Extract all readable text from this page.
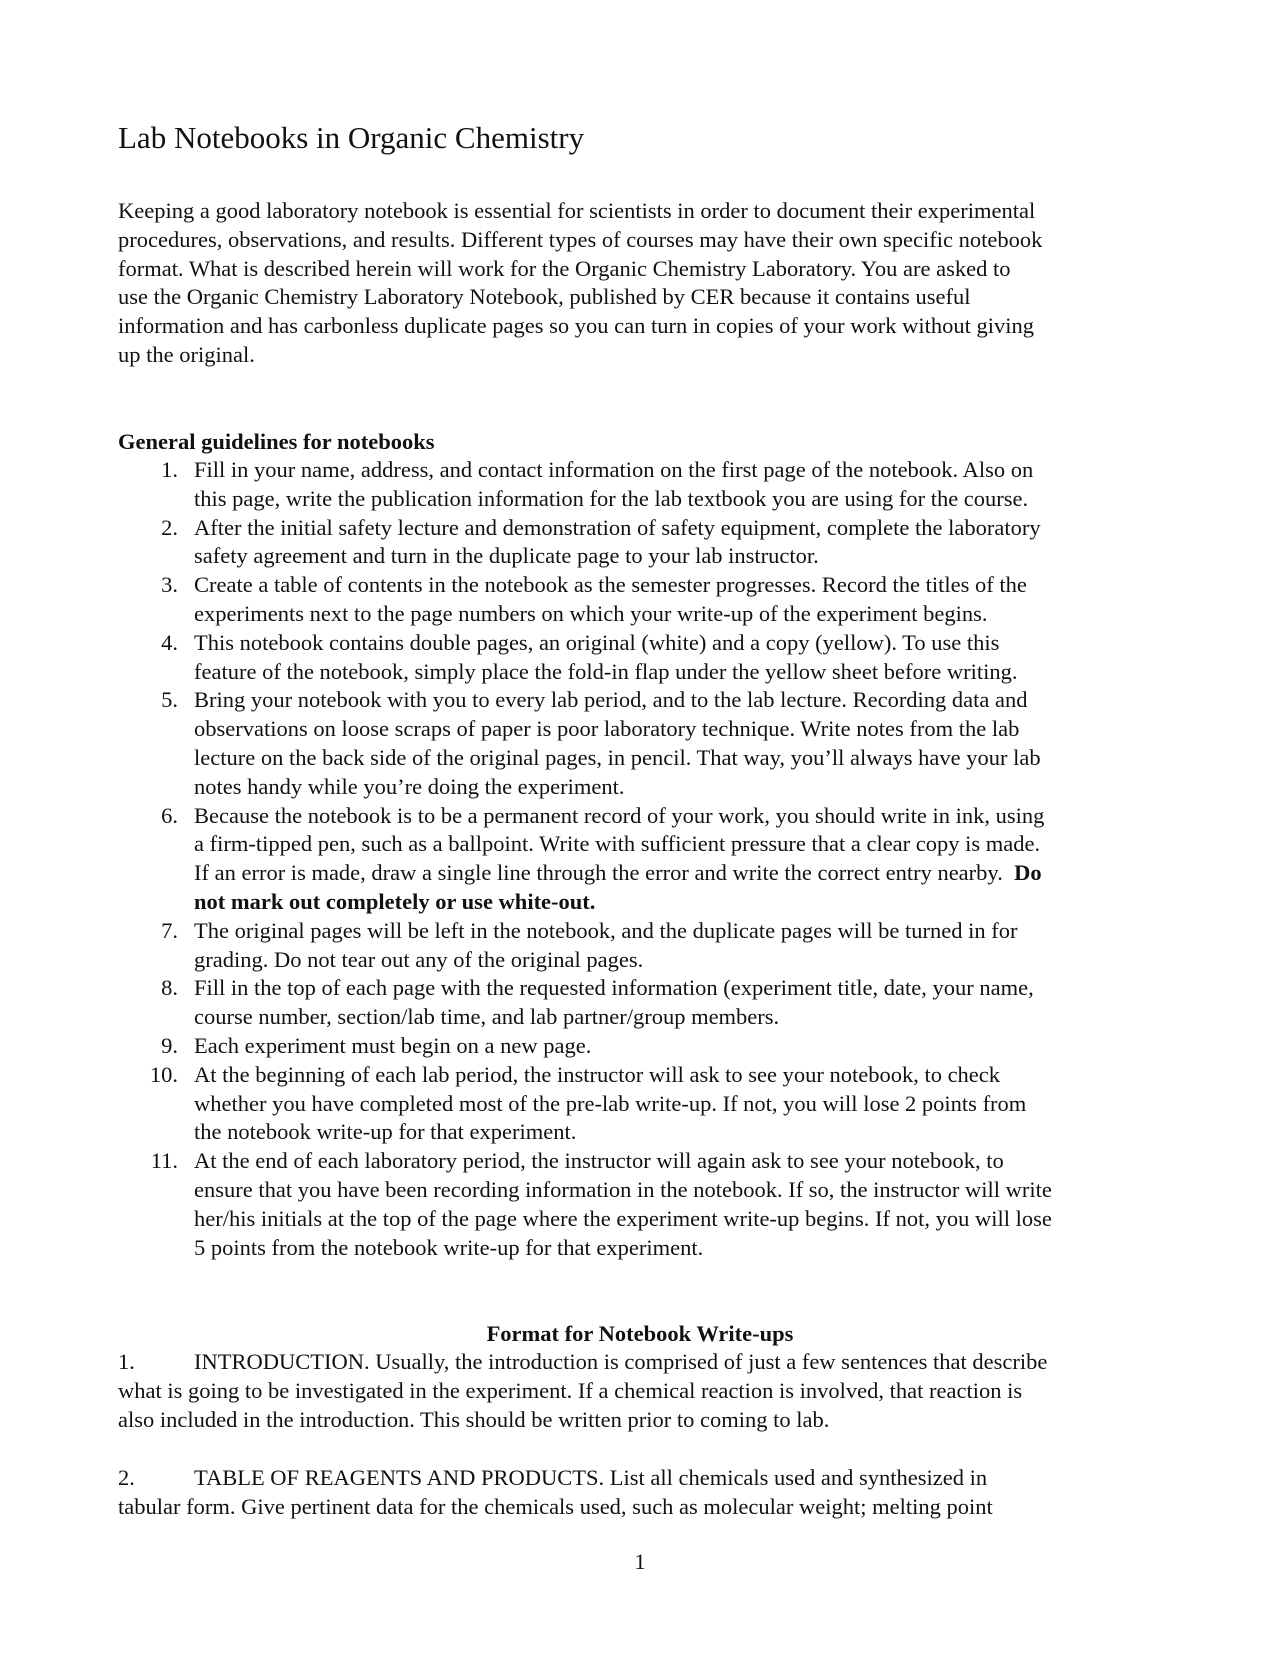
Lab Notebooks in Organic Chemistry
Keeping a good laboratory notebook is essential for scientists in order to document their experimental
procedures, observations, and results. Different types of courses may have their own specific notebook
format. What is described herein will work for the Organic Chemistry Laboratory. You are asked to
use the Organic Chemistry Laboratory Notebook, published by CER because it contains useful
information and has carbonless duplicate pages so you can turn in copies of your work without giving
up the original.
General guidelines for notebooks
1. Fill in your name, address, and contact information on the first page of the notebook. Also on
this page, write the publication information for the lab textbook you are using for the course.
2. After the initial safety lecture and demonstration of safety equipment, complete the laboratory
safety agreement and turn in the duplicate page to your lab instructor.
3. Create a table of contents in the notebook as the semester progresses. Record the titles of the
experiments next to the page numbers on which your write-up of the experiment begins.
4. This notebook contains double pages, an original (white) and a copy (yellow). To use this
feature of the notebook, simply place the fold-in flap under the yellow sheet before writing.
5. Bring your notebook with you to every lab period, and to the lab lecture. Recording data and
observations on loose scraps of paper is poor laboratory technique. Write notes from the lab
lecture on the back side of the original pages, in pencil. That way, you’ll always have your lab
notes handy while you’re doing the experiment.
6. Because the notebook is to be a permanent record of your work, you should write in ink, using
a firm-tipped pen, such as a ballpoint. Write with sufficient pressure that a clear copy is made.
If an error is made, draw a single line through the error and write the correct entry nearby.  Do
not mark out completely or use white-out.
7. The original pages will be left in the notebook, and the duplicate pages will be turned in for
grading. Do not tear out any of the original pages.
8. Fill in the top of each page with the requested information (experiment title, date, your name,
course number, section/lab time, and lab partner/group members.
9. Each experiment must begin on a new page.
10. At the beginning of each lab period, the instructor will ask to see your notebook, to check
whether you have completed most of the pre-lab write-up. If not, you will lose 2 points from
the notebook write-up for that experiment.
11. At the end of each laboratory period, the instructor will again ask to see your notebook, to
ensure that you have been recording information in the notebook. If so, the instructor will write
her/his initials at the top of the page where the experiment write-up begins. If not, you will lose
5 points from the notebook write-up for that experiment.
Format for Notebook Write-ups
1.	INTRODUCTION. Usually, the introduction is comprised of just a few sentences that describe
what is going to be investigated in the experiment. If a chemical reaction is involved, that reaction is
also included in the introduction. This should be written prior to coming to lab.
2.	TABLE OF REAGENTS AND PRODUCTS. List all chemicals used and synthesized in
tabular form. Give pertinent data for the chemicals used, such as molecular weight; melting point
1
